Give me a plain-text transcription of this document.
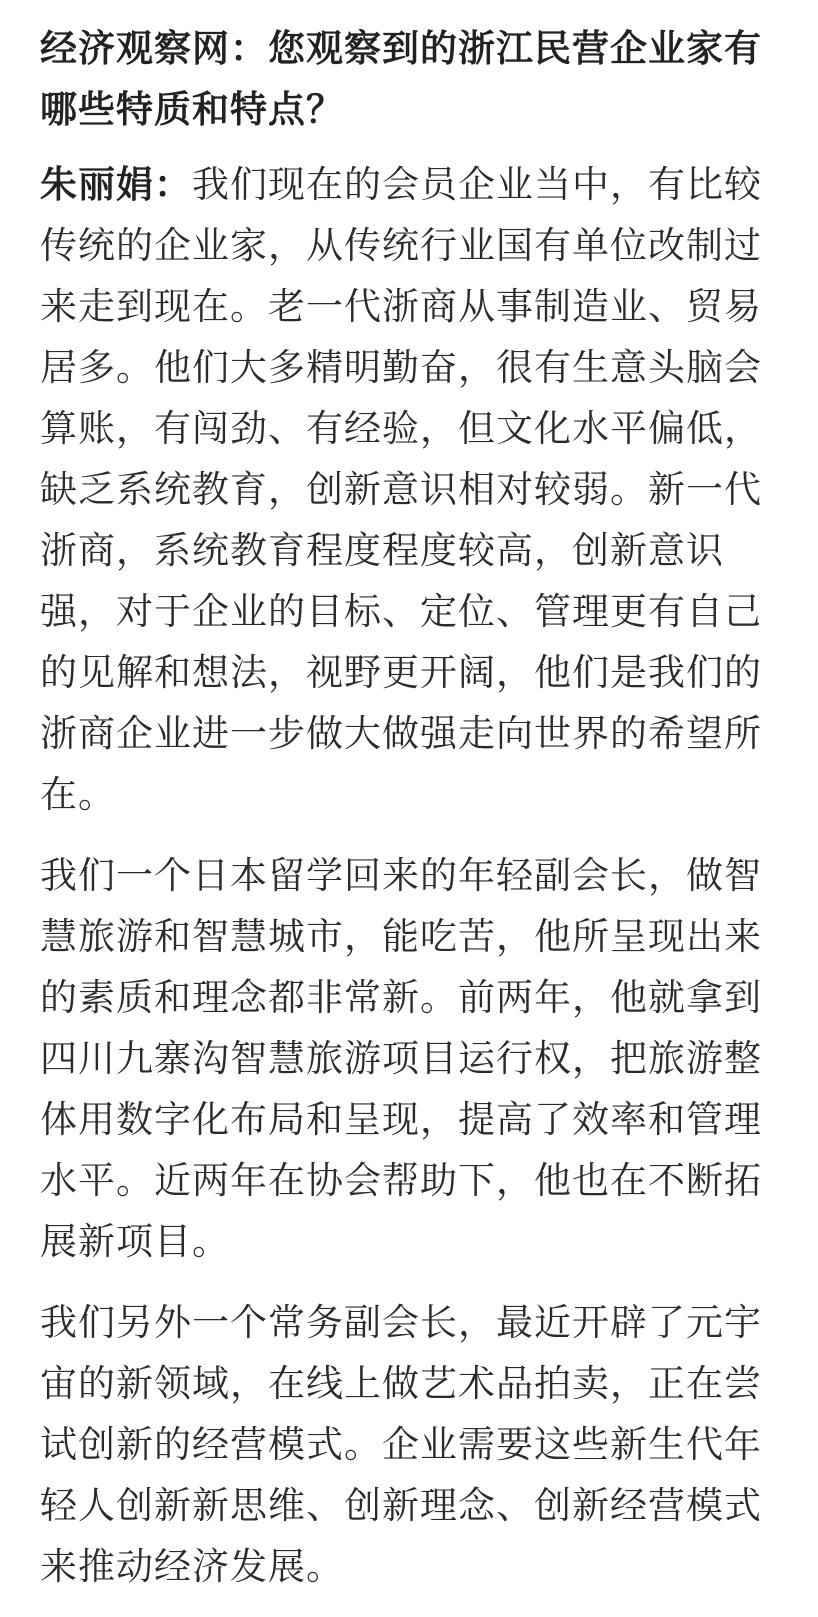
经济观察网：您观察到的浙江民营企业家有哪些特质和特点？

朱丽娟：我们现在的会员企业当中，有比较传统的企业家，从传统行业国有单位改制过来走到现在。老一代浙商从事制造业、贸易居多。他们大多精明勤奋，很有生意头脑会算账，有闯劲、有经验，但文化水平偏低，缺乏系统教育，创新意识相对较弱。新一代浙商，系统教育程度程度较高，创新意识强，对于企业的目标、定位、管理更有自己的见解和想法，视野更开阔，他们是我们的浙商企业进一步做大做强走向世界的希望所在。

我们一个日本留学回来的年轻副会长，做智慧旅游和智慧城市，能吃苦，他所呈现出来的素质和理念都非常新。前两年，他就拿到四川九寨沟智慧旅游项目运行权，把旅游整体用数字化布局和呈现，提高了效率和管理水平。近两年在协会帮助下，他也在不断拓展新项目。

我们另外一个常务副会长，最近开辟了元宇宙的新领域，在线上做艺术品拍卖，正在尝试创新的经营模式。企业需要这些新生代年轻人创新新思维、创新理念、创新经营模式来推动经济发展。
